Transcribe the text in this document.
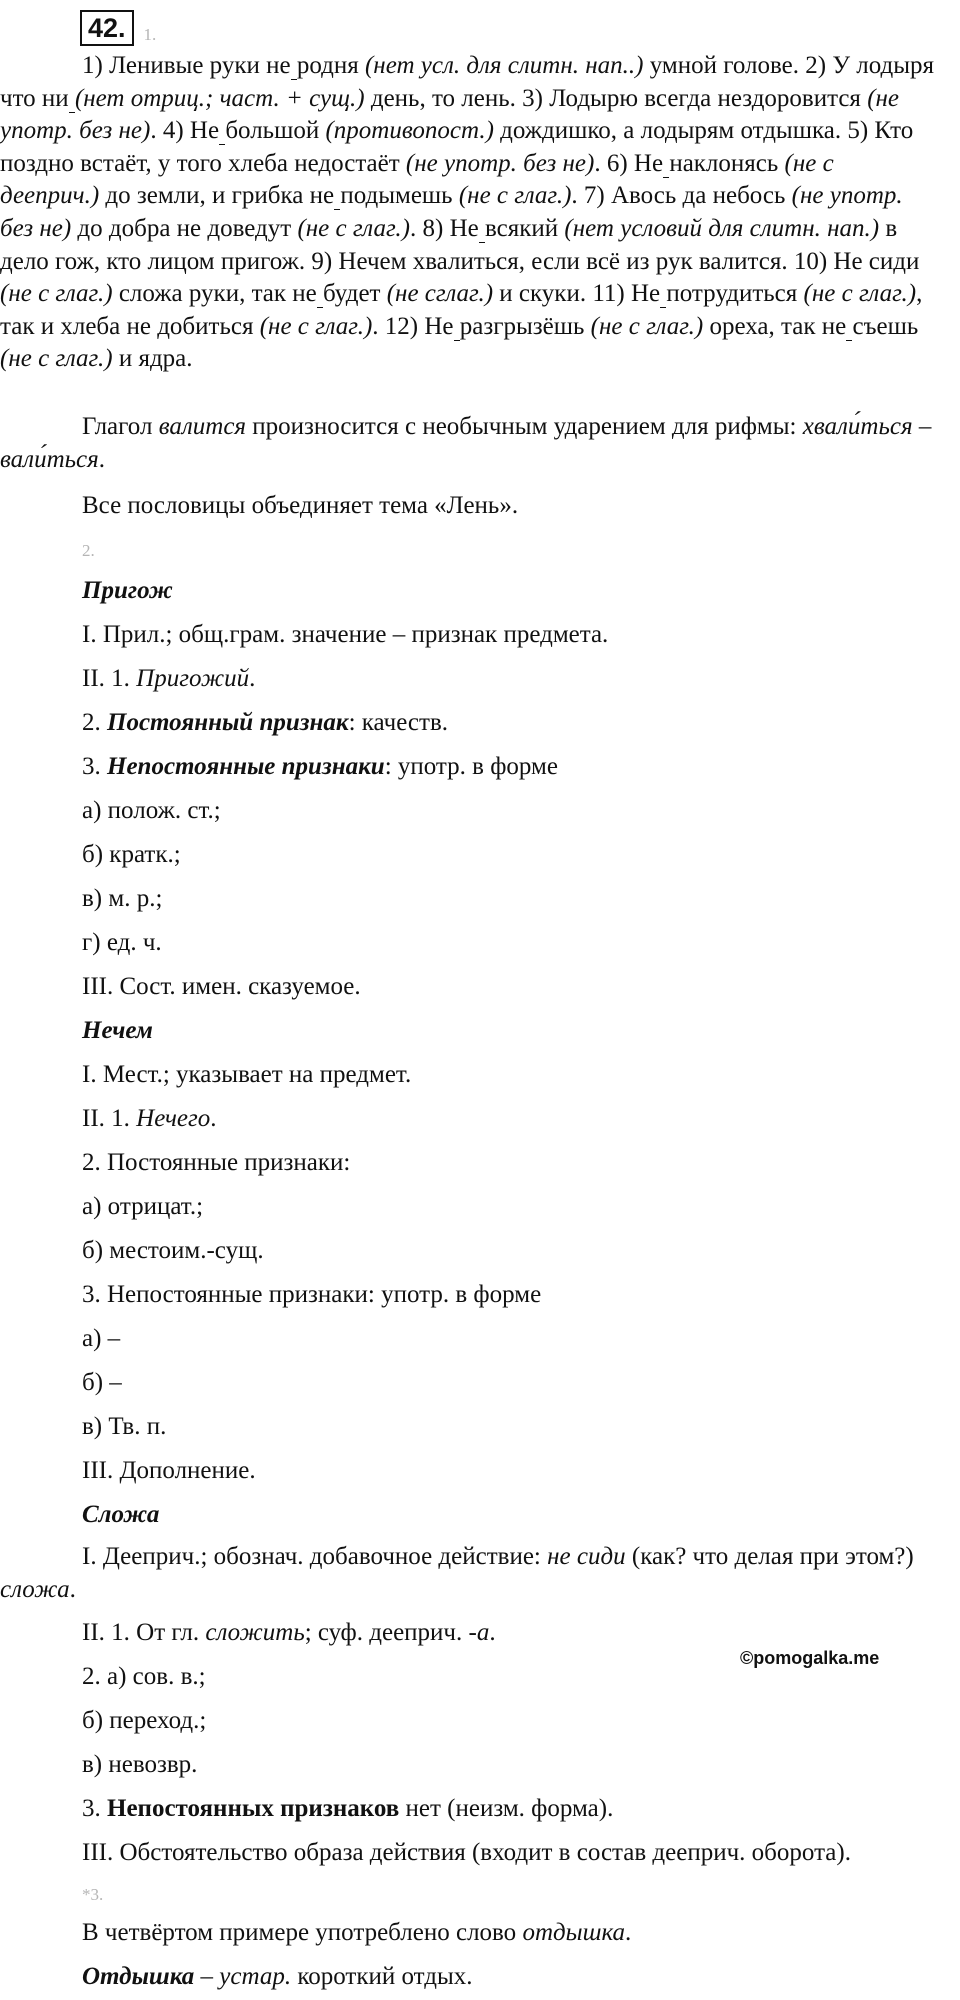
42.	1.
1) Ленивые руки не родня (нет усл. для слитн. нап..) умной голове. 2) У лодыря что ни (нет отриц.; част. + сущ.) день, то лень. 3) Лодырю всегда нездоровится (не употр. без не). 4) Не большой (противопост.) дождишко, а лодырям отдышка. 5) Кто поздно встаёт, у того хлеба недостаёт (не употр. без не). 6) Не наклонясь (не с дееприч.) до земли, и грибка не подымешь (не с глаг.). 7) Авось да небось (не употр. без не) до добра не доведут (не с глаг.). 8) Не всякий (нет условий для слитн. нап.) в дело гож, кто лицом пригож. 9) Нечем хвалиться, если всё из рук валится. 10) Не сиди (не с глаг.) сложа руки, так не будет (не сглаг.) и скуки. 11) Не потрудиться (не с глаг.), так и хлеба не добиться (не с глаг.). 12) Не разгрызёшь (не с глаг.) ореха, так не съешь (не с глаг.) и ядра.
Глагол валится произносится с необычным ударением для рифмы: хвали́ться – вали́ться.
Все пословицы объединяет тема «Лень».
2.
Пригож
I. Прил.; общ.грам. значение – признак предмета.
II. 1. Пригожий.
2. Постоянный признак: качеств.
3. Непостоянные признаки: употр. в форме
а) полож. ст.;
б) кратк.;
в) м. р.;
г) ед. ч.
III. Сост. имен. сказуемое.
Нечем
I. Мест.; указывает на предмет.
II. 1. Нечего.
2. Постоянные признаки:
а) отрицат.;
б) местоим.-сущ.
3. Непостоянные признаки: употр. в форме
а) –
б) –
в) Тв. п.
III. Дополнение.
Сложа
I. Дееприч.; обознач. добавочное действие: не сиди (как? что делая при этом?) сложа.
II. 1. От гл. сложить; суф. дееприч. -а.
©pomogalka.me
2. а) сов. в.;
б) переход.;
в) невозвр.
3. Непостоянных признаков нет (неизм. форма).
III. Обстоятельство образа действия (входит в состав дееприч. оборота).
*3.
В четвёртом примере употреблено слово отдышка.
Отдышка – устар. короткий отдых.
